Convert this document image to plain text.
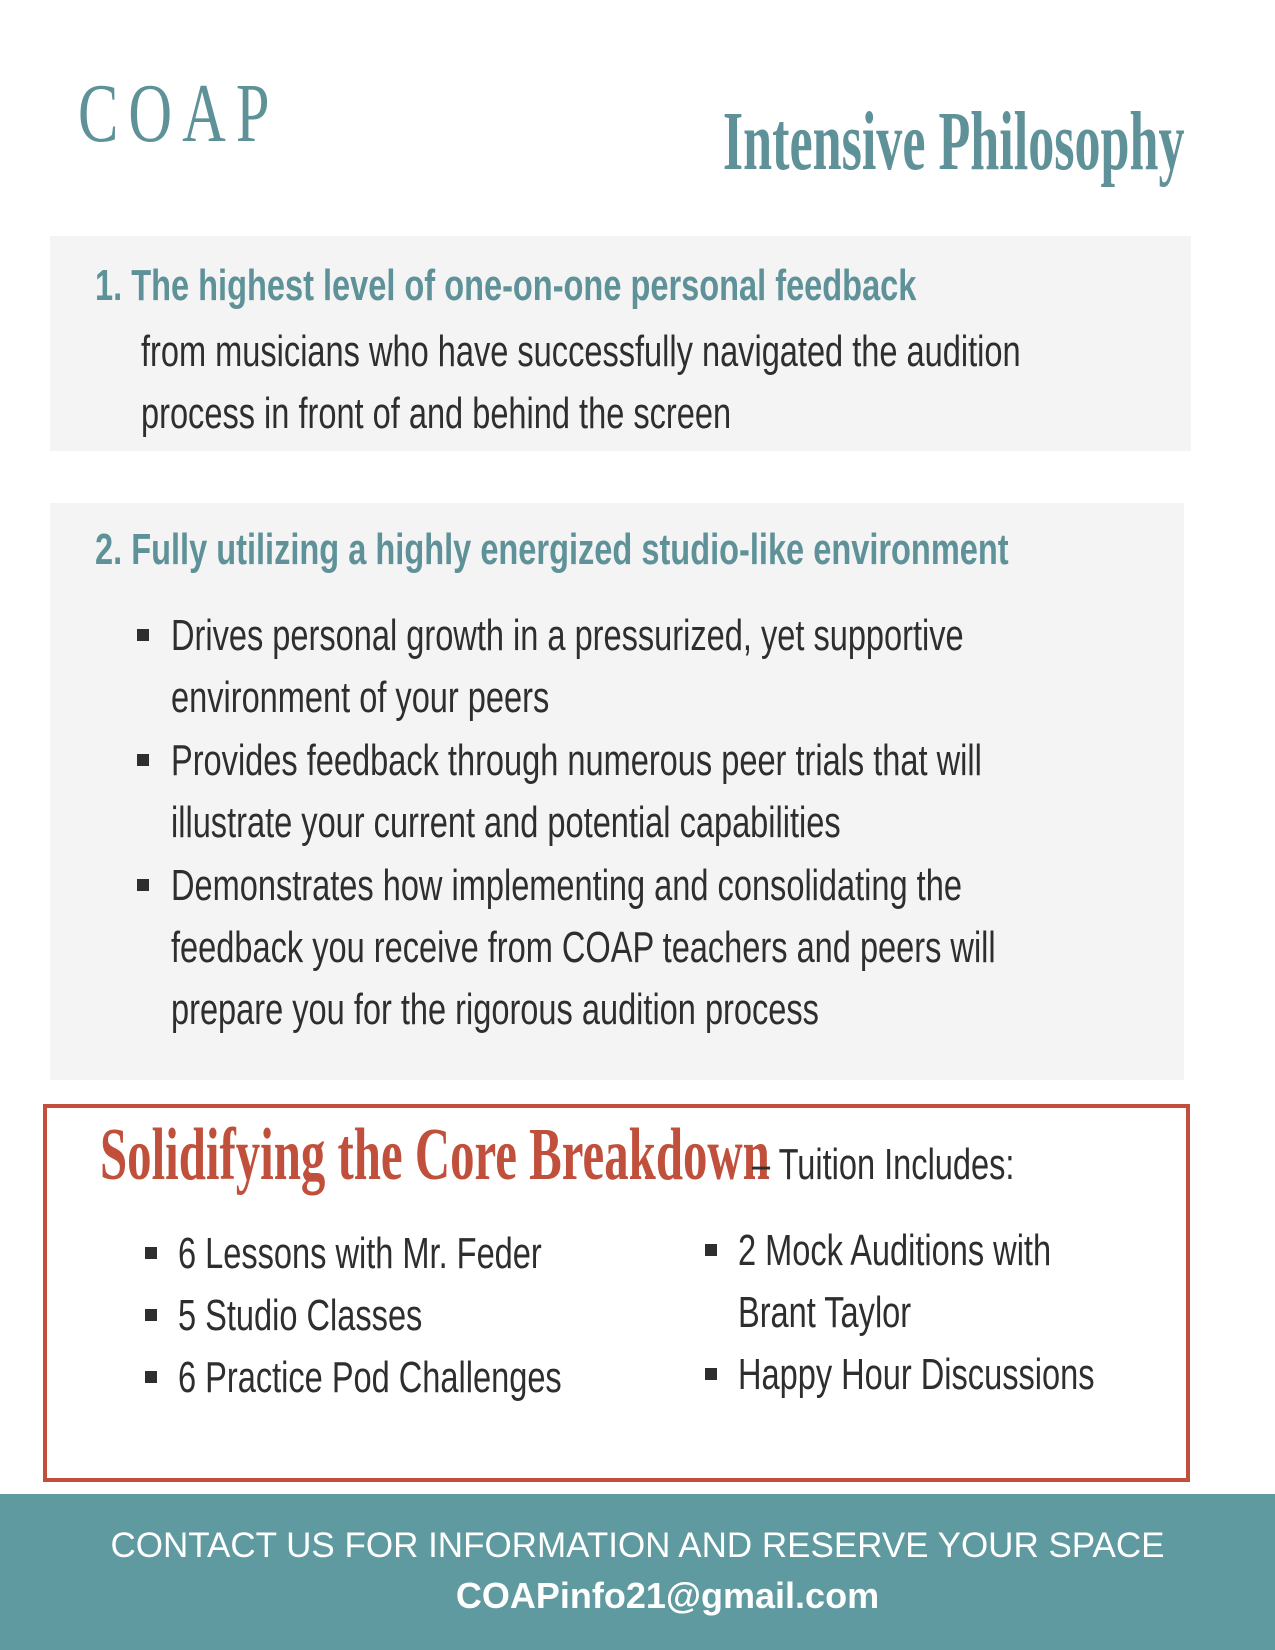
COAP	Intensive Philosophy
1. The highest level of one-on-one personal feedback
from musicians who have successfully navigated the audition
process in front of and behind the screen
2. Fully utilizing a highly energized studio-like environment
Drives personal growth in a pressurized, yet supportive
environment of your peers
Provides feedback through numerous peer trials that will
illustrate your current and potential capabilities
Demonstrates how implementing and consolidating the
feedback you receive from COAP teachers and peers will
prepare you for the rigorous audition process
Solidifying the Core Breakdown
– Tuition Includes:
6 Lessons with Mr. Feder
5 Studio Classes
6 Practice Pod Challenges
2 Mock Auditions with
Brant Taylor
Happy Hour Discussions
CONTACT US FOR INFORMATION AND RESERVE YOUR SPACE
COAPinfo21@gmail.com
